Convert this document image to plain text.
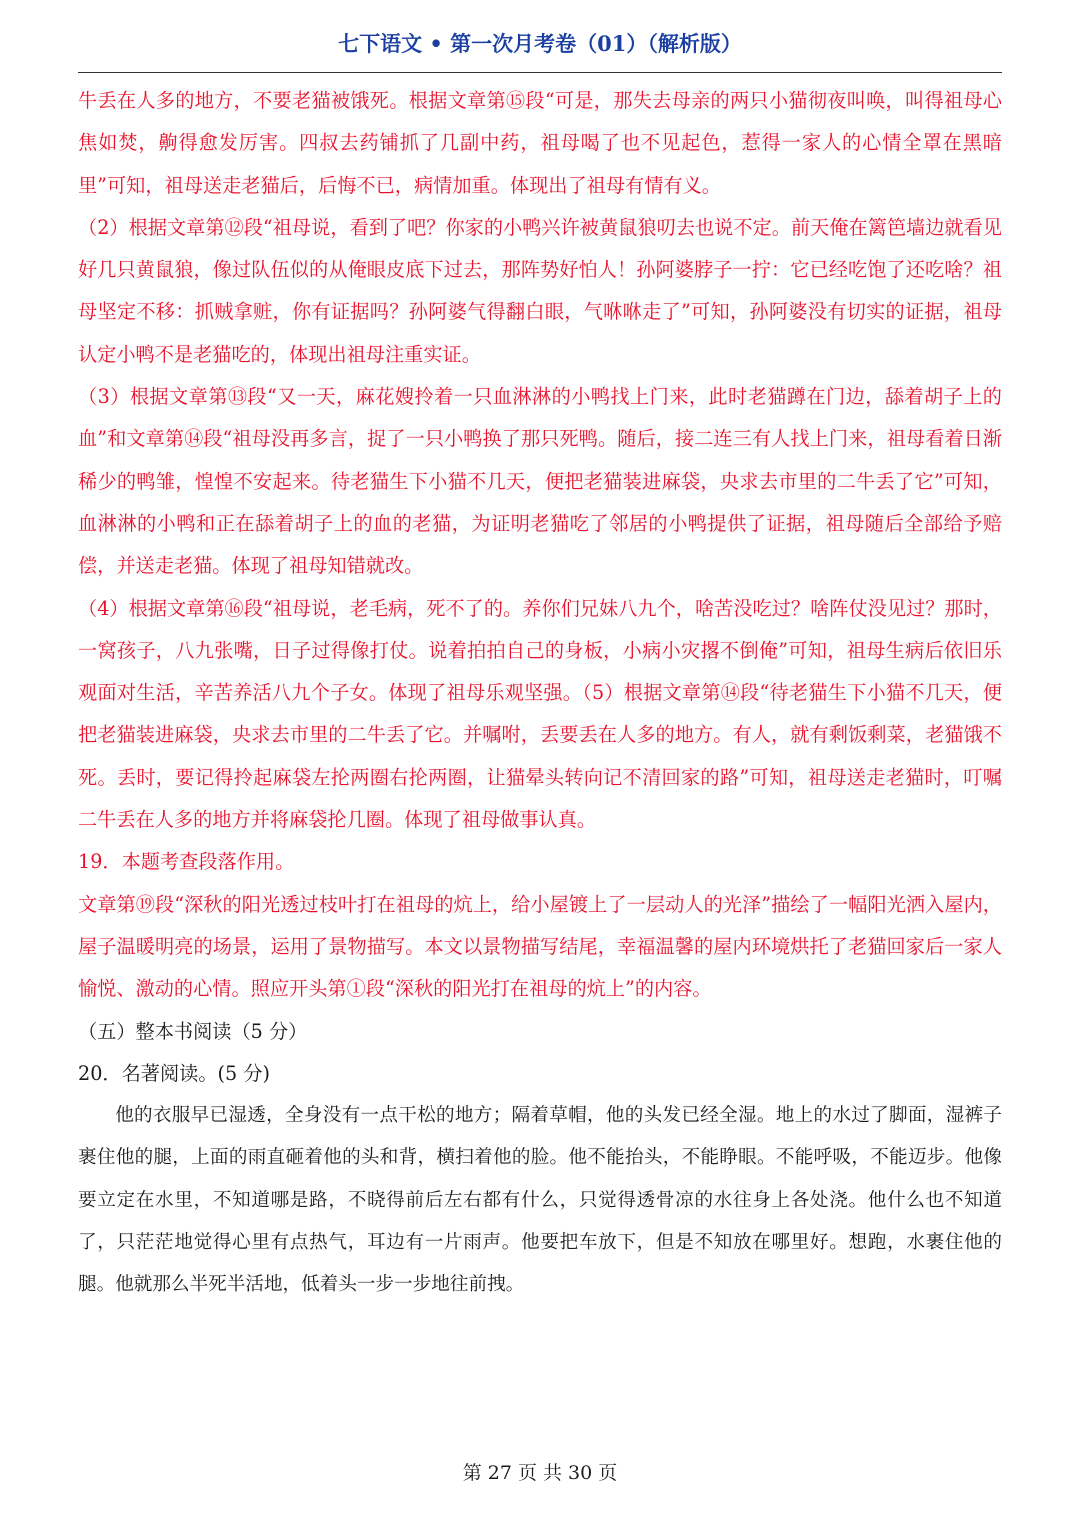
七下语文 • 第一次月考卷（01）（解析版）

牛丢在人多的地方，不要老猫被饿死。根据文章第⑮段“可是，那失去母亲的两只小猫彻夜叫唤，叫得祖母心焦如焚，齁得愈发厉害。四叔去药铺抓了几副中药，祖母喝了也不见起色，惹得一家人的心情全罩在黑暗里”可知，祖母送走老猫后，后悔不已，病情加重。体现出了祖母有情有义。

（2）根据文章第⑫段“祖母说，看到了吧？你家的小鸭兴许被黄鼠狼叨去也说不定。前天俺在篱笆墙边就看见好几只黄鼠狼，像过队伍似的从俺眼皮底下过去，那阵势好怕人！孙阿婆脖子一拧：它已经吃饱了还吃啥？祖母坚定不移：抓贼拿赃，你有证据吗？孙阿婆气得翻白眼，气咻咻走了”可知，孙阿婆没有切实的证据，祖母认定小鸭不是老猫吃的，体现出祖母注重实证。

（3）根据文章第⑬段“又一天，麻花嫂拎着一只血淋淋的小鸭找上门来，此时老猫蹲在门边，舔着胡子上的血”和文章第⑭段“祖母没再多言，捉了一只小鸭换了那只死鸭。随后，接二连三有人找上门来，祖母看着日渐稀少的鸭雏，惶惶不安起来。待老猫生下小猫不几天，便把老猫装进麻袋，央求去市里的二牛丢了它”可知，血淋淋的小鸭和正在舔着胡子上的血的老猫，为证明老猫吃了邻居的小鸭提供了证据，祖母随后全部给予赔偿，并送走老猫。体现了祖母知错就改。

（4）根据文章第⑯段“祖母说，老毛病，死不了的。养你们兄妹八九个，啥苦没吃过？啥阵仗没见过？那时，一窝孩子，八九张嘴，日子过得像打仗。说着拍拍自己的身板，小病小灾撂不倒俺”可知，祖母生病后依旧乐观面对生活，辛苦养活八九个子女。体现了祖母乐观坚强。（5）根据文章第⑭段“待老猫生下小猫不几天，便把老猫装进麻袋，央求去市里的二牛丢了它。并嘱咐，丢要丢在人多的地方。有人，就有剩饭剩菜，老猫饿不死。丢时，要记得拎起麻袋左抡两圈右抡两圈，让猫晕头转向记不清回家的路”可知，祖母送走老猫时，叮嘱二牛丢在人多的地方并将麻袋抡几圈。体现了祖母做事认真。

19．本题考查段落作用。

文章第⑲段“深秋的阳光透过枝叶打在祖母的炕上，给小屋镀上了一层动人的光泽”描绘了一幅阳光洒入屋内，屋子温暖明亮的场景，运用了景物描写。本文以景物描写结尾，幸福温馨的屋内环境烘托了老猫回家后一家人愉悦、激动的心情。照应开头第①段“深秋的阳光打在祖母的炕上”的内容。

（五）整本书阅读（5 分）

20．名著阅读。(5 分)

他的衣服早已湿透，全身没有一点干松的地方；隔着草帽，他的头发已经全湿。地上的水过了脚面，湿裤子裹住他的腿，上面的雨直砸着他的头和背，横扫着他的脸。他不能抬头，不能睁眼。不能呼吸，不能迈步。他像要立定在水里，不知道哪是路，不晓得前后左右都有什么，只觉得透骨凉的水往身上各处浇。他什么也不知道了，只茫茫地觉得心里有点热气，耳边有一片雨声。他要把车放下，但是不知放在哪里好。想跑，水裹住他的腿。他就那么半死半活地，低着头一步一步地往前拽。

第 27 页 共 30 页
